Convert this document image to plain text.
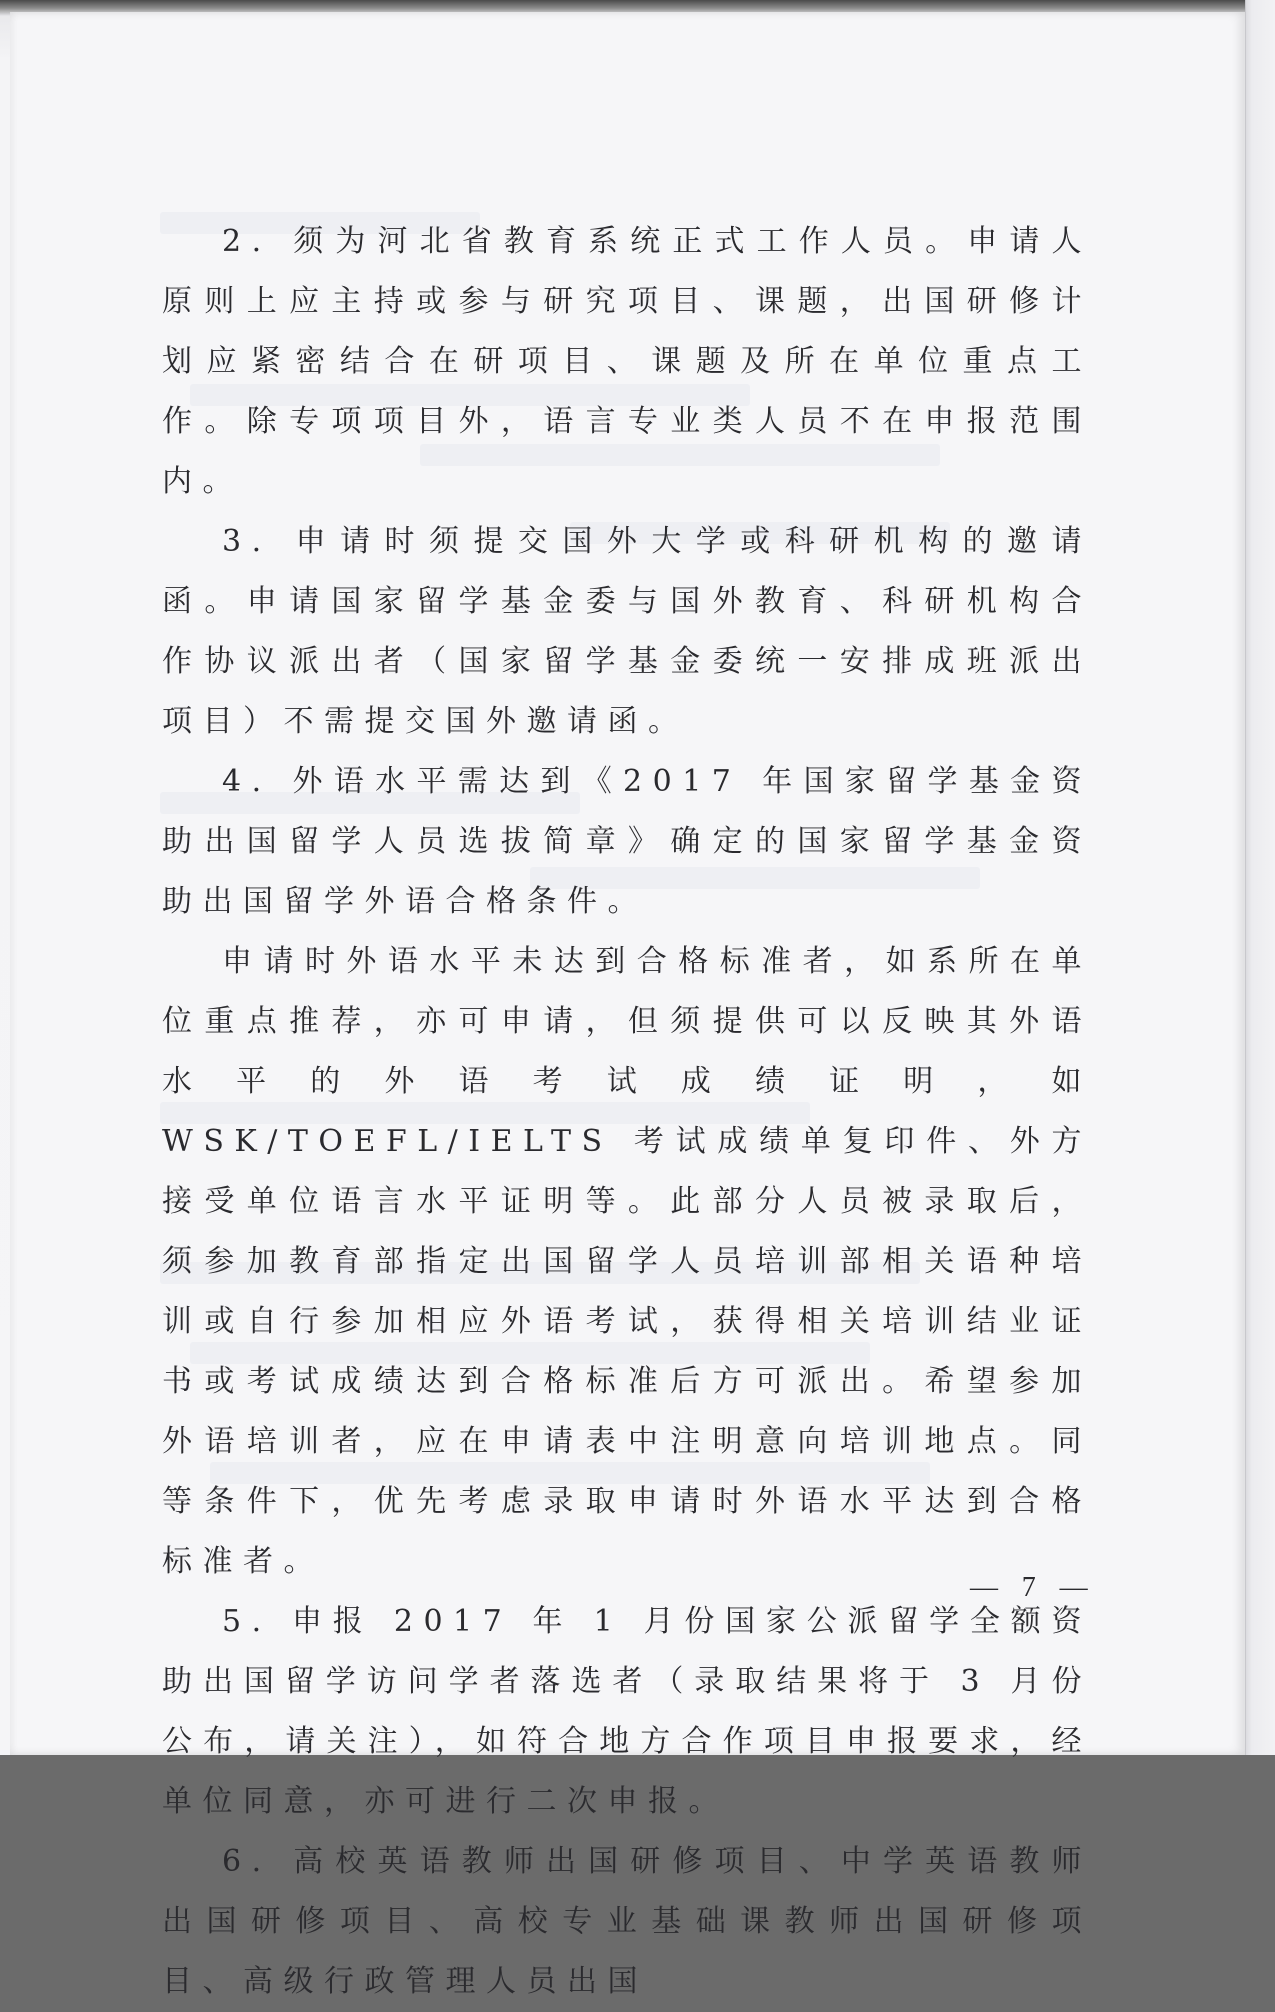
2. 须为河北省教育系统正式工作人员。申请人原则上应主持或参与研究项目、课题，出国研修计划应紧密结合在研项目、课题及所在单位重点工作。除专项项目外，语言专业类人员不在申报范围内。

3. 申请时须提交国外大学或科研机构的邀请函。申请国家留学基金委与国外教育、科研机构合作协议派出者（国家留学基金委统一安排成班派出项目）不需提交国外邀请函。

4. 外语水平需达到《2017 年国家留学基金资助出国留学人员选拔简章》确定的国家留学基金资助出国留学外语合格条件。

申请时外语水平未达到合格标准者，如系所在单位重点推荐，亦可申请，但须提供可以反映其外语水平的外语考试成绩证明，如 WSK/TOEFL/IELTS 考试成绩单复印件、外方接受单位语言水平证明等。此部分人员被录取后，须参加教育部指定出国留学人员培训部相关语种培训或自行参加相应外语考试，获得相关培训结业证书或考试成绩达到合格标准后方可派出。希望参加外语培训者，应在申请表中注明意向培训地点。同等条件下，优先考虑录取申请时外语水平达到合格标准者。

5. 申报 2017 年 1 月份国家公派留学全额资助出国留学访问学者落选者（录取结果将于 3 月份公布，请关注），如符合地方合作项目申报要求，经单位同意，亦可进行二次申报。

6. 高校英语教师出国研修项目、中学英语教师出国研修项目、高校专业基础课教师出国研修项目、高级行政管理人员出国

— 7 —
